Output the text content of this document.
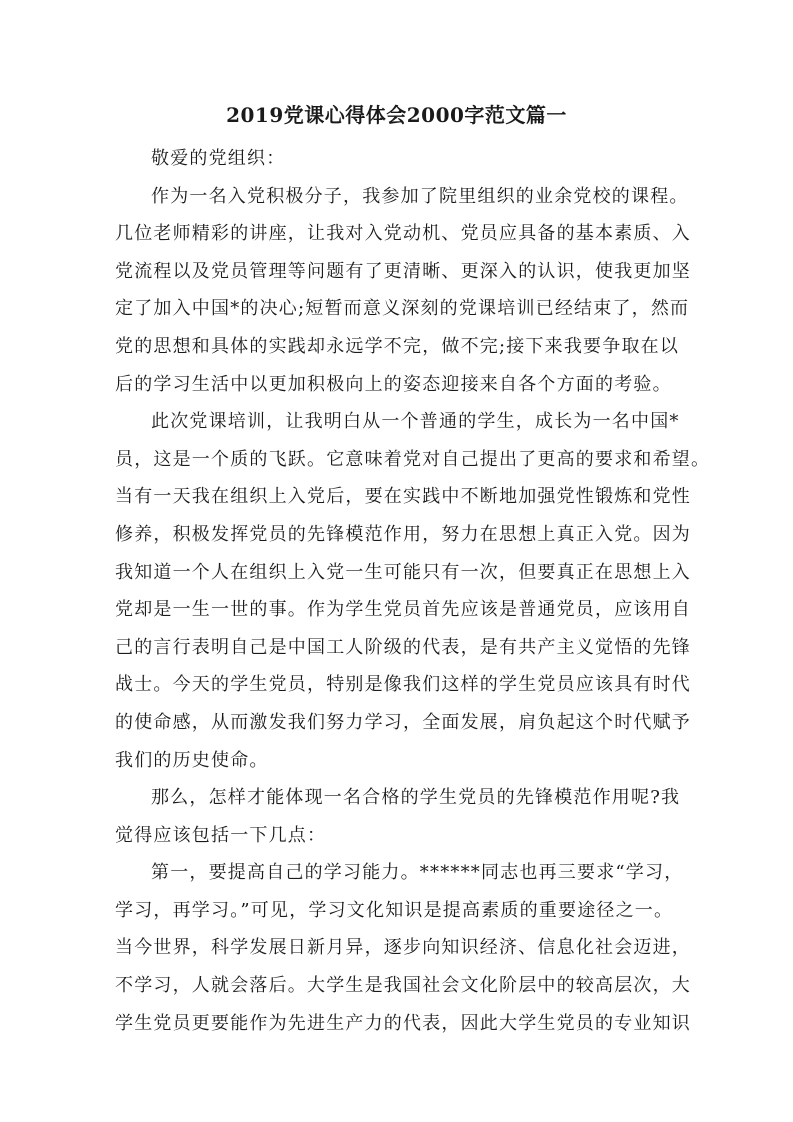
2019党课心得体会2000字范文篇一
敬爱的党组织：
作为一名入党积极分子，我参加了院里组织的业余党校的课程。
几位老师精彩的讲座，让我对入党动机、党员应具备的基本素质、入
党流程以及党员管理等问题有了更清晰、更深入的认识，使我更加坚
定了加入中国*的决心;短暂而意义深刻的党课培训已经结束了，然而
党的思想和具体的实践却永远学不完，做不完;接下来我要争取在以
后的学习生活中以更加积极向上的姿态迎接来自各个方面的考验。
此次党课培训，让我明白从一个普通的学生，成长为一名中国*
员，这是一个质的飞跃。它意味着党对自己提出了更高的要求和希望。
当有一天我在组织上入党后，要在实践中不断地加强党性锻炼和党性
修养，积极发挥党员的先锋模范作用，努力在思想上真正入党。因为
我知道一个人在组织上入党一生可能只有一次，但要真正在思想上入
党却是一生一世的事。作为学生党员首先应该是普通党员，应该用自
己的言行表明自己是中国工人阶级的代表，是有共产主义觉悟的先锋
战士。今天的学生党员，特别是像我们这样的学生党员应该具有时代
的使命感，从而激发我们努力学习，全面发展，肩负起这个时代赋予
我们的历史使命。
那么，怎样才能体现一名合格的学生党员的先锋模范作用呢?我
觉得应该包括一下几点：
第一，要提高自己的学习能力。******同志也再三要求“学习，
学习，再学习。”可见，学习文化知识是提高素质的重要途径之一。
当今世界，科学发展日新月异，逐步向知识经济、信息化社会迈进，
不学习，人就会落后。大学生是我国社会文化阶层中的较高层次，大
学生党员更要能作为先进生产力的代表，因此大学生党员的专业知识
